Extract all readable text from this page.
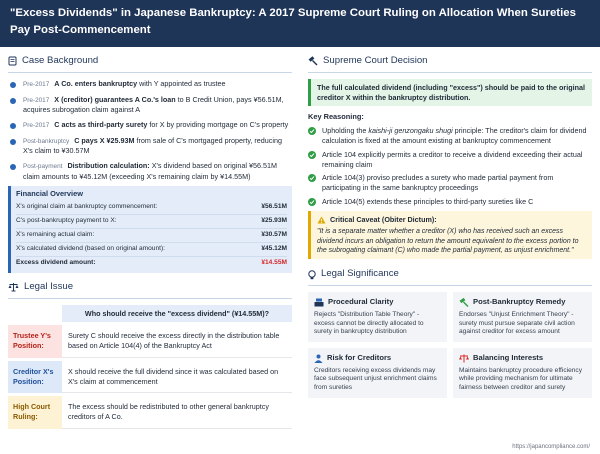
"Excess Dividends" in Japanese Bankruptcy: A 2017 Supreme Court Ruling on Allocation When Sureties Pay Post-Commencement
Case Background
Pre-2017 A Co. enters bankruptcy with Y appointed as trustee
Pre-2017 X (creditor) guarantees A Co.'s loan to B Credit Union, pays ¥56.51M, acquires subrogation claim against A
Pre-2017 C acts as third-party surety for X by providing mortgage on C's property
Post-bankruptcy C pays X ¥25.93M from sale of C's mortgaged property, reducing X's claim to ¥30.57M
Post-payment Distribution calculation: X's dividend based on original ¥56.51M claim amounts to ¥45.12M (exceeding X's remaining claim by ¥14.55M)
Financial Overview
X's original claim at bankruptcy commencement:	¥56.51M
C's post-bankruptcy payment to X:	¥25.93M
X's remaining actual claim:	¥30.57M
X's calculated dividend (based on original amount):	¥45.12M
Excess dividend amount:	¥14.55M
Legal Issue
Who should receive the "excess dividend" (¥14.55M)?
Trustee Y's Position:
Surety C should receive the excess directly in the distribution table based on Article 104(4) of the Bankruptcy Act
Creditor X's Position:
X should receive the full dividend since it was calculated based on X's claim at commencement
High Court Ruling:
The excess should be redistributed to other general bankruptcy creditors of A Co.
Supreme Court Decision
The full calculated dividend (including "excess") should be paid to the original creditor X within the bankruptcy distribution.
Key Reasoning:
Upholding the kaishi-ji genzongaku shugi principle: The creditor's claim for dividend calculation is fixed at the amount existing at bankruptcy commencement
Article 104 explicitly permits a creditor to receive a dividend exceeding their actual remaining claim
Article 104(3) proviso precludes a surety who made partial payment from participating in the same bankruptcy proceedings
Article 104(5) extends these principles to third-party sureties like C
Critical Caveat (Obiter Dictum):
"It is a separate matter whether a creditor (X) who has received such an excess dividend incurs an obligation to return the amount equivalent to the excess portion to the subrogating claimant (C) who made the partial payment, as unjust enrichment."
Legal Significance
Procedural Clarity
Rejects "Distribution Table Theory" - excess cannot be directly allocated to surety in bankruptcy distribution
Post-Bankruptcy Remedy
Endorses "Unjust Enrichment Theory" - surety must pursue separate civil action against creditor for excess amount
Risk for Creditors
Creditors receiving excess dividends may face subsequent unjust enrichment claims from sureties
Balancing Interests
Maintains bankruptcy procedure efficiency while providing mechanism for ultimate fairness between creditor and surety
https://japancompliance.com/
